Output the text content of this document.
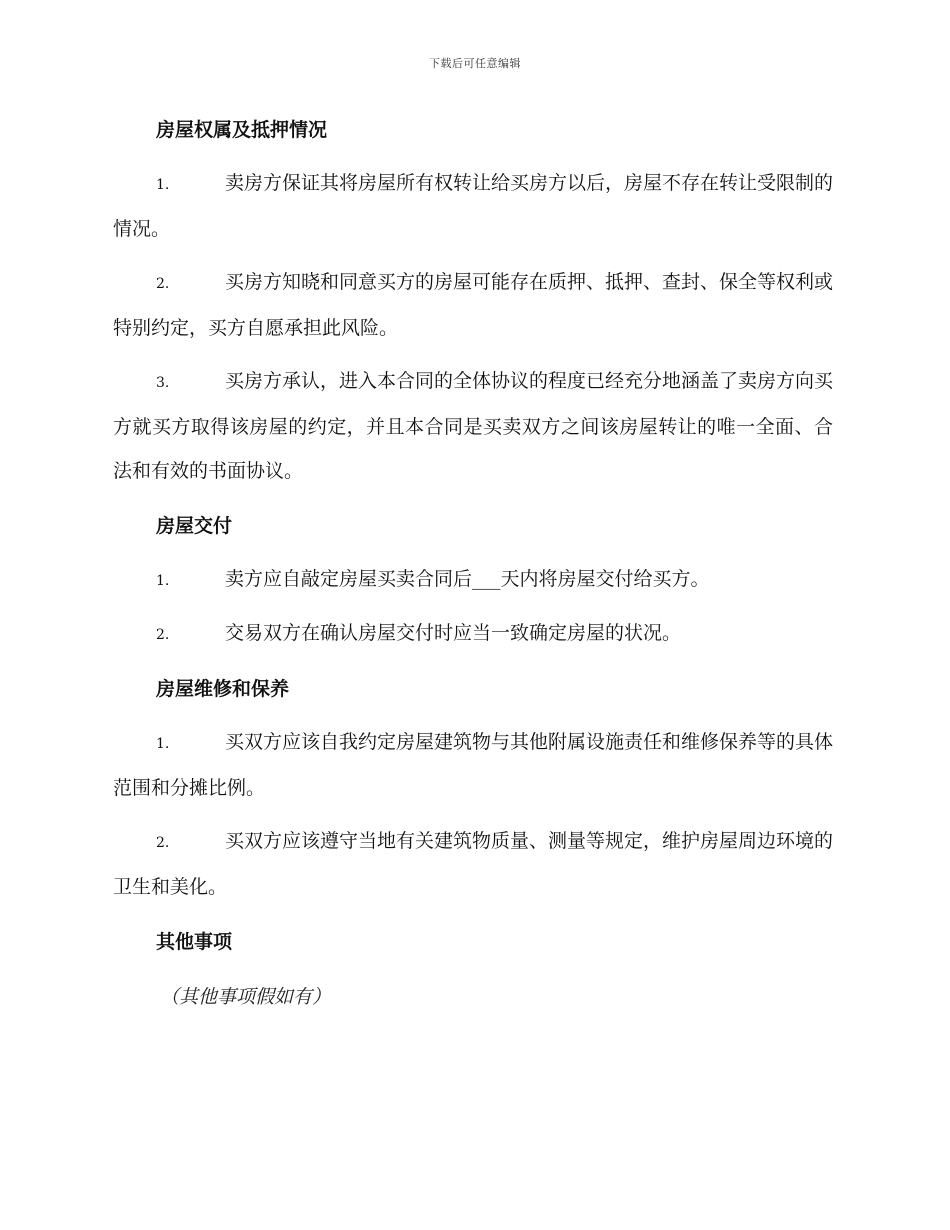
下载后可任意编辑
房屋权属及抵押情况
1.	卖房方保证其将房屋所有权转让给买房方以后，房屋不存在转让受限制的情况。
2.	买房方知晓和同意买方的房屋可能存在质押、抵押、查封、保全等权利或特别约定，买方自愿承担此风险。
3.	买房方承认，进入本合同的全体协议的程度已经充分地涵盖了卖房方向买方就买方取得该房屋的约定，并且本合同是买卖双方之间该房屋转让的唯一全面、合法和有效的书面协议。
房屋交付
1.	卖方应自敲定房屋买卖合同后___天内将房屋交付给买方。
2.	交易双方在确认房屋交付时应当一致确定房屋的状况。
房屋维修和保养
1.	买双方应该自我约定房屋建筑物与其他附属设施责任和维修保养等的具体范围和分摊比例。
2.	买双方应该遵守当地有关建筑物质量、测量等规定，维护房屋周边环境的卫生和美化。
其他事项
（其他事项假如有）
